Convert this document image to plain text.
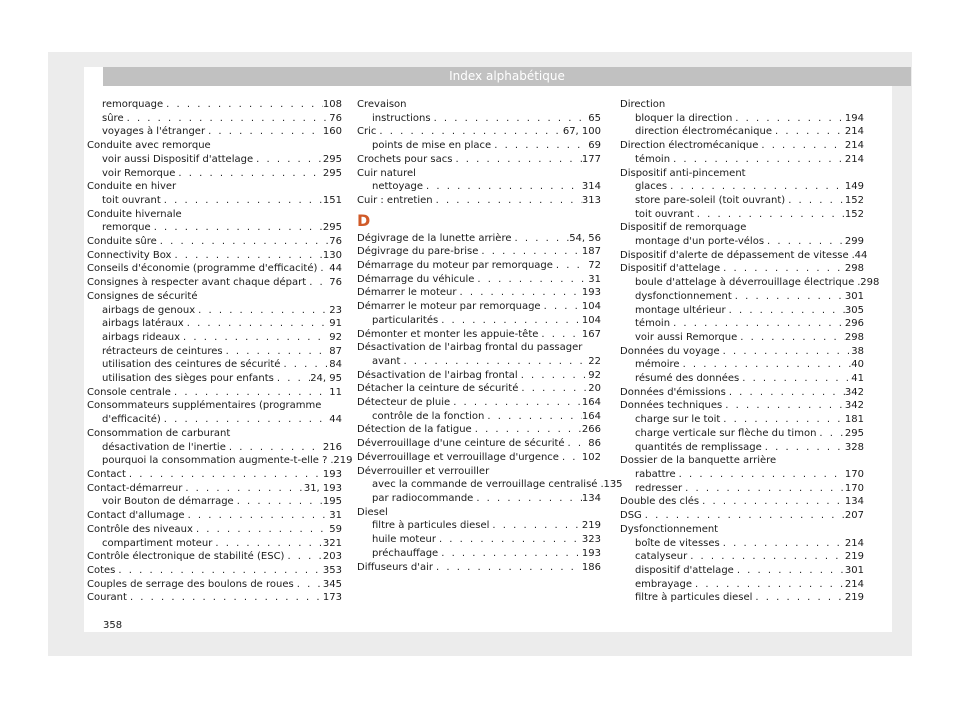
Index alphabétique
remorquage . . .	108
sûre . . .	76
voyages à l'étranger . . .	160
Conduite avec remorque
voir aussi Dispositif d'attelage . . .	295
voir Remorque . . .	295
Conduite en hiver
toit ouvrant . . .	151
Conduite hivernale
remorque . . .	295
Conduite sûre . . .	76
Connectivity Box . . .	130
Conseils d'économie (programme d'efficacité) . . . 44
Consignes à respecter avant chaque départ . . . 76
Consignes de sécurité
airbags de genoux . . .	23
airbags latéraux . . .	91
airbags rideaux . . .	92
rétracteurs de ceintures . . .	87
utilisation des ceintures de sécurité . . .	84
utilisation des sièges pour enfants . . .	24, 95
Console centrale . . .	11
Consommateurs supplémentaires (programme
d'efficacité) . . .	44
Consommation de carburant
désactivation de l'inertie . . .	216
pourquoi la consommation augmente-t-elle ? . . . 219
Contact . . .	193
Contact-démarreur . . .	31, 193
voir Bouton de démarrage . . .	195
Contact d'allumage . . .	31
Contrôle des niveaux . . .	59
compartiment moteur . . .	321
Contrôle électronique de stabilité (ESC) . . .	203
Cotes . . .	353
Couples de serrage des boulons de roues . . .	345
Courant . . .	173
Crevaison
instructions . . .	65
Cric . . .	67, 100
points de mise en place . . .	69
Crochets pour sacs . . .	177
Cuir naturel
nettoyage . . .	314
Cuir : entretien . . .	313
D
Dégivrage de la lunette arrière . . .	54, 56
Dégivrage du pare-brise . . .	187
Démarrage du moteur par remorquage . . .	72
Démarrage du véhicule . . .	31
Démarrer le moteur . . .	193
Démarrer le moteur par remorquage . . .	104
particularités . . .	104
Démonter et monter les appuie-tête . . .	167
Désactivation de l'airbag frontal du passager
avant . . .	22
Désactivation de l'airbag frontal . . .	92
Détacher la ceinture de sécurité . . .	20
Détecteur de pluie . . .	164
contrôle de la fonction . . .	164
Détection de la fatigue . . .	266
Déverrouillage d'une ceinture de sécurité . . . 86
Déverrouillage et verrouillage d'urgence . . . 102
Déverrouiller et verrouiller
avec la commande de verrouillage centralisé . . . 135
par radiocommande . . .	134
Diesel
filtre à particules diesel . . .	219
huile moteur . . .	323
préchauffage . . .	193
Diffuseurs d'air . . .	186
Direction
bloquer la direction . . .	194
direction électromécanique . . .	214
Direction électromécanique . . .	214
témoin . . .	214
Dispositif anti-pincement
glaces . . .	149
store pare-soleil (toit ouvrant) . . .	152
toit ouvrant . . .	152
Dispositif de remorquage
montage d'un porte-vélos . . .	299
Dispositif d'alerte de dépassement de vitesse . . . 44
Dispositif d'attelage . . .	298
boule d'attelage à déverrouillage électrique . . . 298
dysfonctionnement . . .	301
montage ultérieur . . .	305
témoin . . .	296
voir aussi Remorque . . .	298
Données du voyage . . .	38
mémoire . . .	40
résumé des données . . .	41
Données d'émissions . . .	342
Données techniques . . .	342
charge sur le toit . . .	181
charge verticale sur flèche du timon . . .	295
quantités de remplissage . . .	328
Dossier de la banquette arrière
rabattre . . .	170
redresser . . .	170
Double des clés . . .	134
DSG . . .	207
Dysfonctionnement
boîte de vitesses . . .	214
catalyseur . . .	219
dispositif d'attelage . . .	301
embrayage . . .	214
filtre à particules diesel . . .	219
358
